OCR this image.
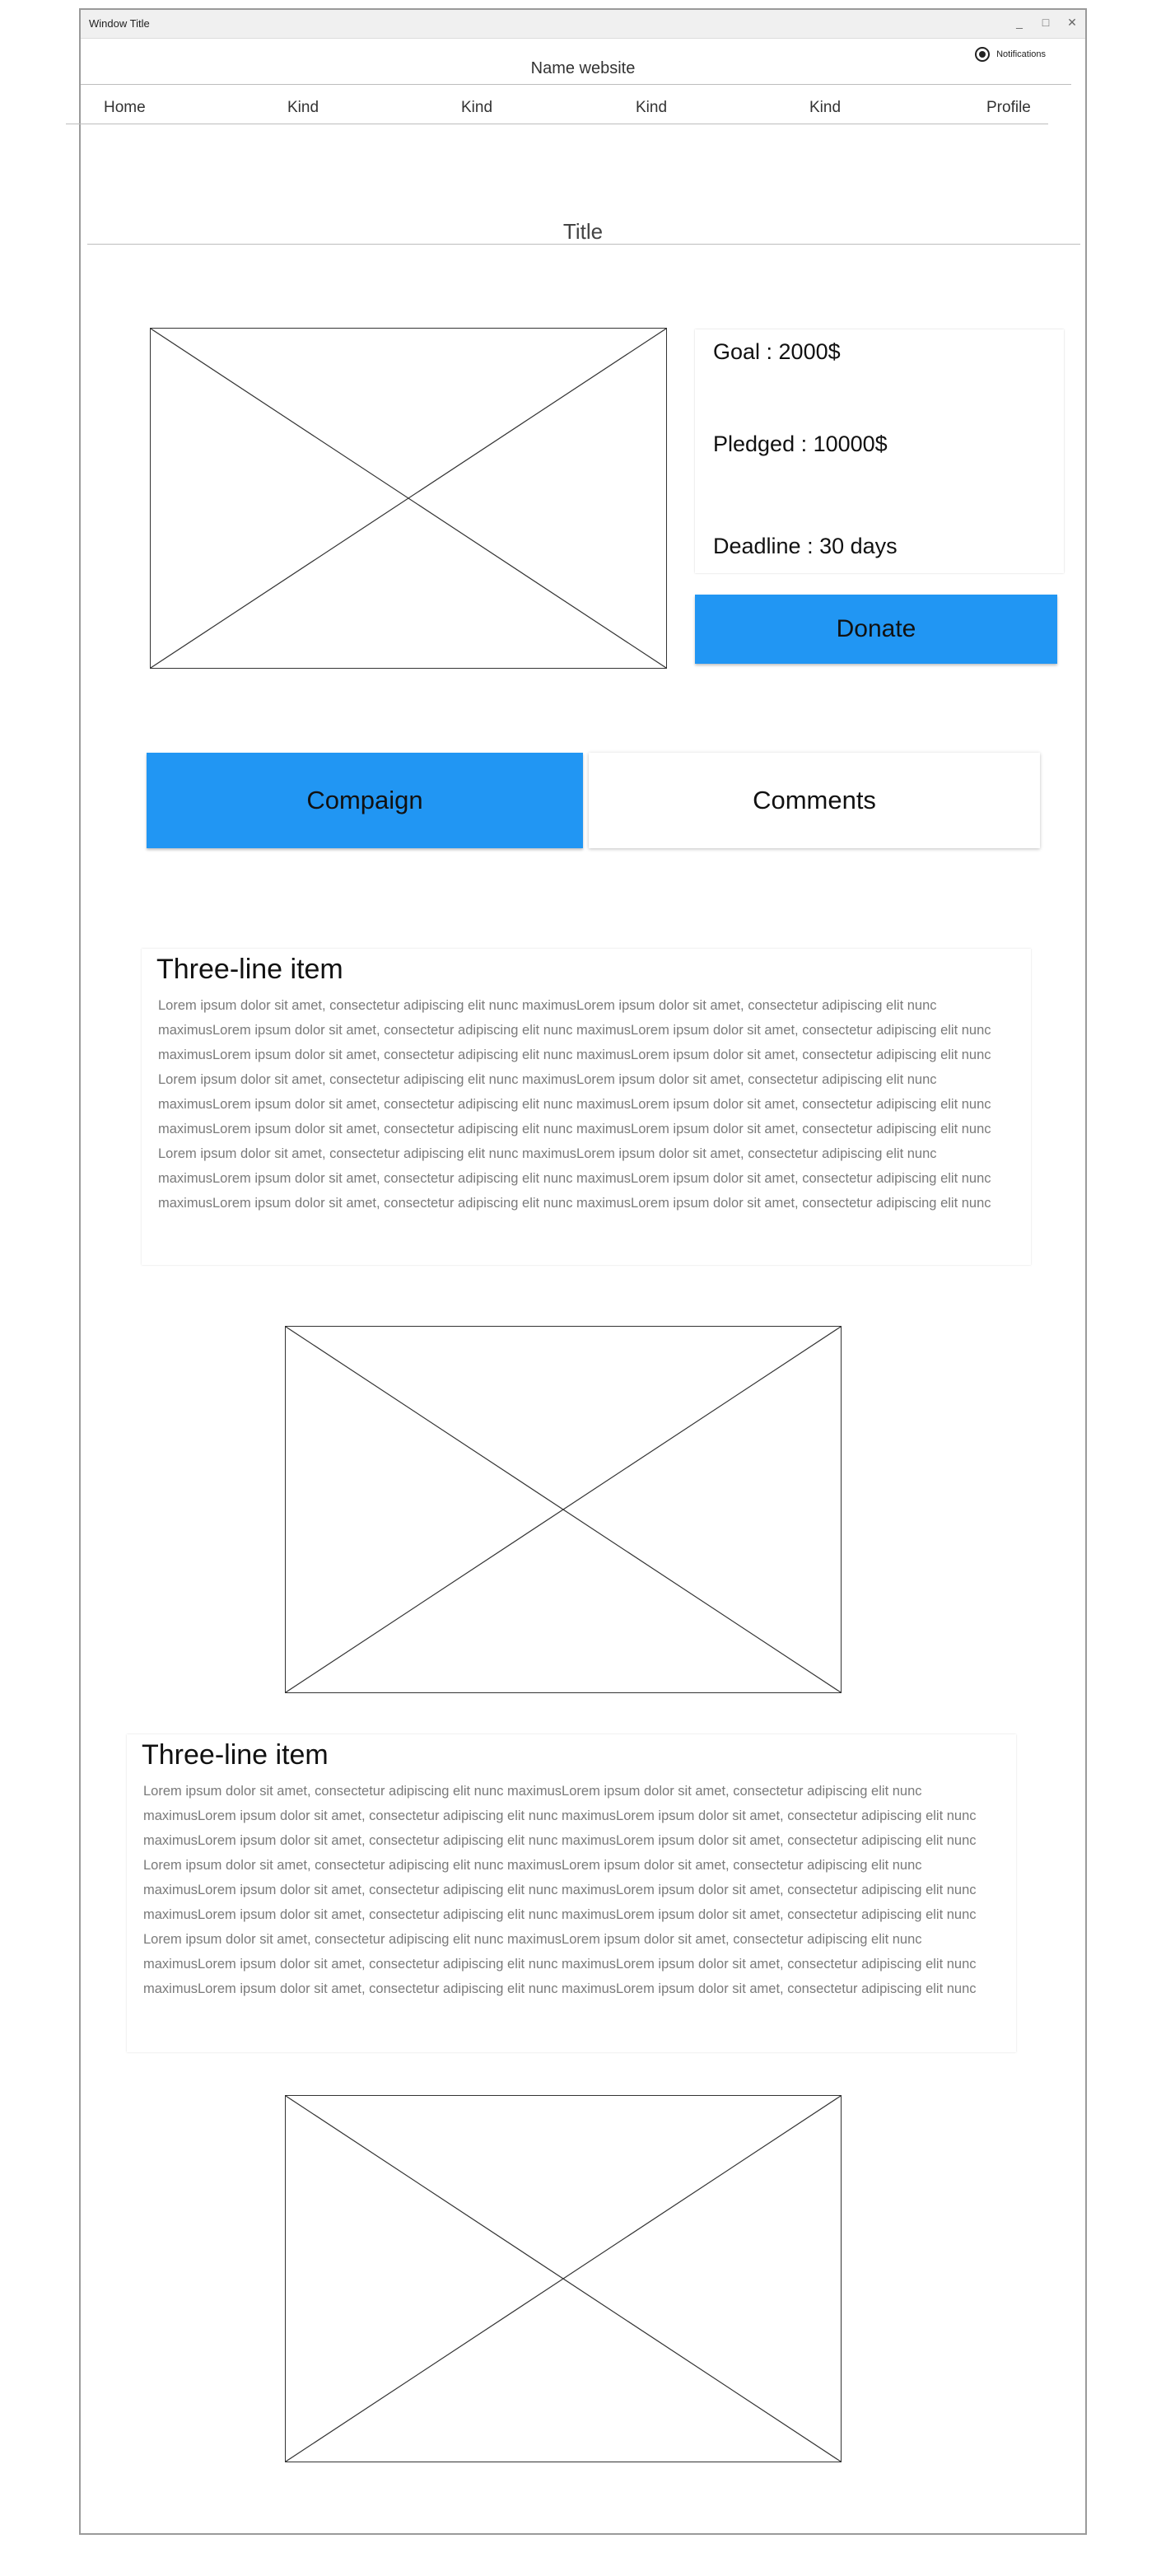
Window Title	_ □ ✕
Name website
Notifications
Home	Kind	Kind	Kind	Kind	Profile
Title
Goal : 2000$
Pledged : 10000$
Deadline : 30 days
Donate
Compaign	Comments
Three-line item
Lorem ipsum dolor sit amet, consectetur adipiscing elit nunc maximusLorem ipsum dolor sit amet, consectetur adipiscing elit nunc maximusLorem ipsum dolor sit amet, consectetur adipiscing elit nunc maximusLorem ipsum dolor sit amet, consectetur adipiscing elit nunc maximusLorem ipsum dolor sit amet, consectetur adipiscing elit nunc maximusLorem ipsum dolor sit amet, consectetur adipiscing elit nunc Lorem ipsum dolor sit amet, consectetur adipiscing elit nunc maximusLorem ipsum dolor sit amet, consectetur adipiscing elit nunc maximusLorem ipsum dolor sit amet, consectetur adipiscing elit nunc maximusLorem ipsum dolor sit amet, consectetur adipiscing elit nunc maximusLorem ipsum dolor sit amet, consectetur adipiscing elit nunc maximusLorem ipsum dolor sit amet, consectetur adipiscing elit nunc Lorem ipsum dolor sit amet, consectetur adipiscing elit nunc maximusLorem ipsum dolor sit amet, consectetur adipiscing elit nunc maximusLorem ipsum dolor sit amet, consectetur adipiscing elit nunc maximusLorem ipsum dolor sit amet, consectetur adipiscing elit nunc maximusLorem ipsum dolor sit amet, consectetur adipiscing elit nunc maximusLorem ipsum dolor sit amet, consectetur adipiscing elit nunc
Three-line item
Lorem ipsum dolor sit amet, consectetur adipiscing elit nunc maximusLorem ipsum dolor sit amet, consectetur adipiscing elit nunc maximusLorem ipsum dolor sit amet, consectetur adipiscing elit nunc maximusLorem ipsum dolor sit amet, consectetur adipiscing elit nunc maximusLorem ipsum dolor sit amet, consectetur adipiscing elit nunc maximusLorem ipsum dolor sit amet, consectetur adipiscing elit nunc Lorem ipsum dolor sit amet, consectetur adipiscing elit nunc maximusLorem ipsum dolor sit amet, consectetur adipiscing elit nunc maximusLorem ipsum dolor sit amet, consectetur adipiscing elit nunc maximusLorem ipsum dolor sit amet, consectetur adipiscing elit nunc maximusLorem ipsum dolor sit amet, consectetur adipiscing elit nunc maximusLorem ipsum dolor sit amet, consectetur adipiscing elit nunc Lorem ipsum dolor sit amet, consectetur adipiscing elit nunc maximusLorem ipsum dolor sit amet, consectetur adipiscing elit nunc maximusLorem ipsum dolor sit amet, consectetur adipiscing elit nunc maximusLorem ipsum dolor sit amet, consectetur adipiscing elit nunc maximusLorem ipsum dolor sit amet, consectetur adipiscing elit nunc maximusLorem ipsum dolor sit amet, consectetur adipiscing elit nunc
